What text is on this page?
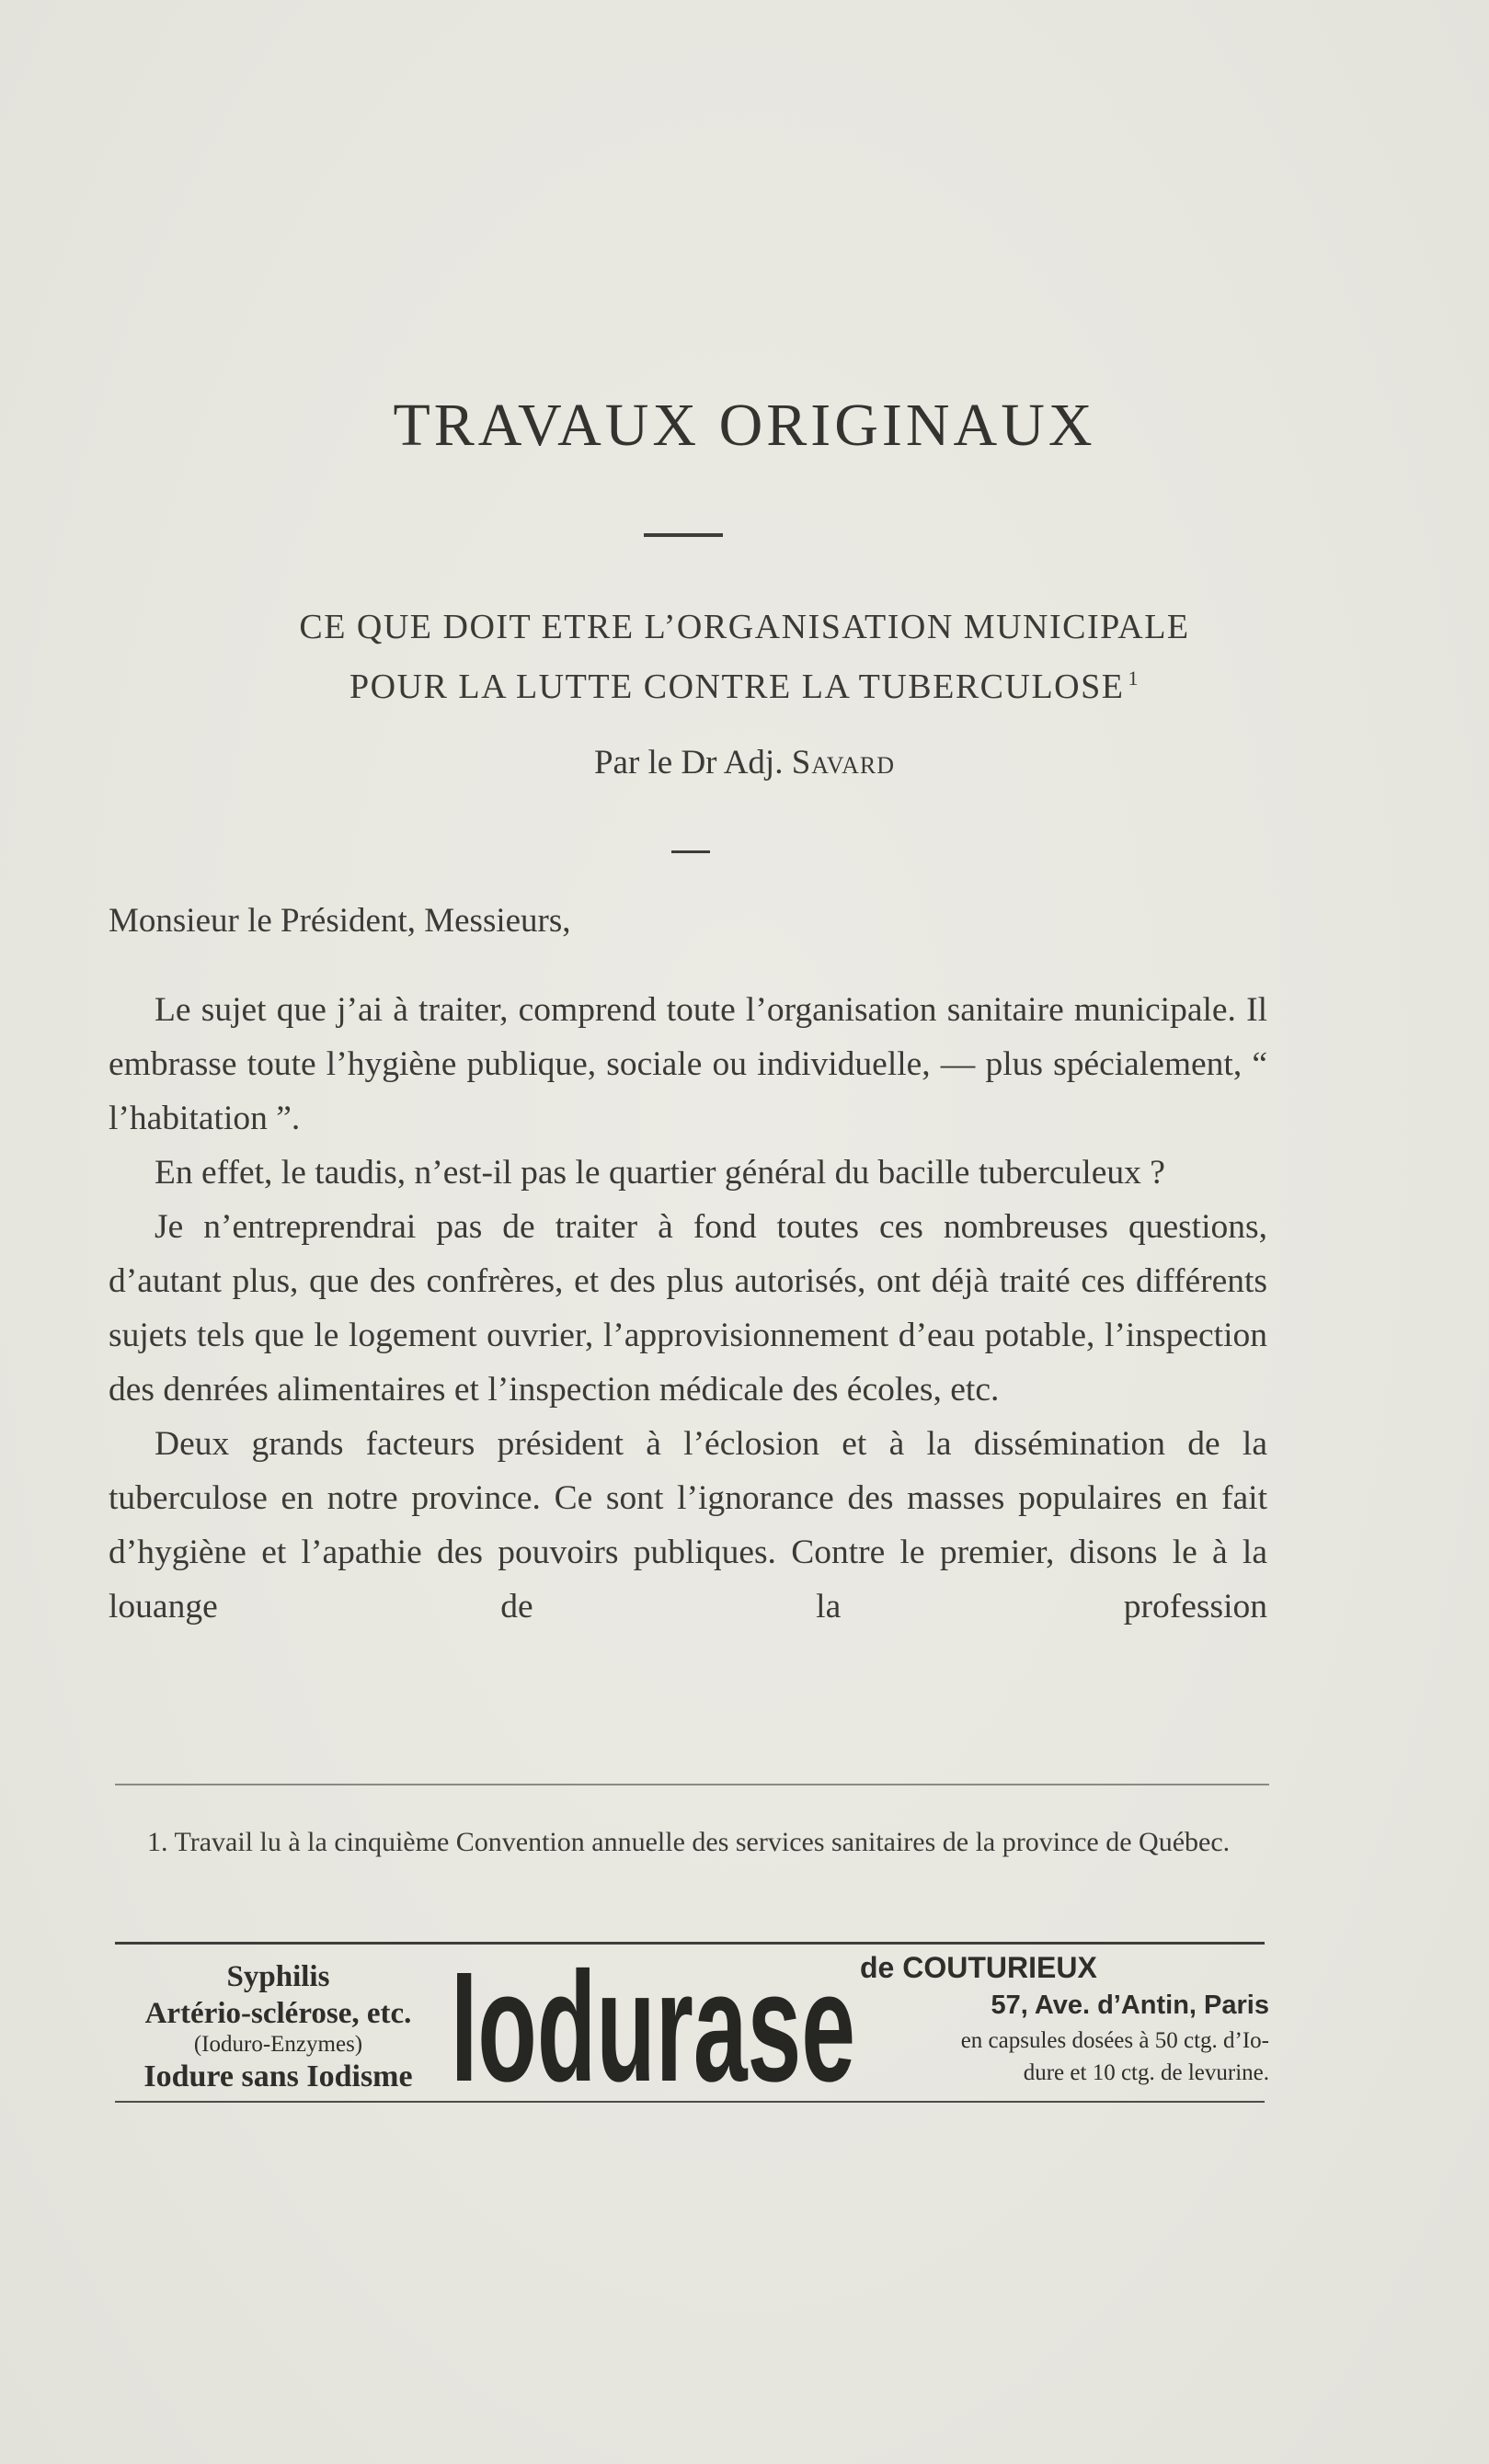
TRAVAUX ORIGINAUX
CE QUE DOIT ETRE L’ORGANISATION MUNICIPALE
POUR LA LUTTE CONTRE LA TUBERCULOSE $^1$
Par le Dr Adj. Savard
Monsieur le Président, Messieurs,

Le sujet que j’ai à traiter, comprend toute l’organisation sanitaire municipale. Il embrasse toute l’hygiène publique, sociale ou individuelle, — plus spécialement, “ l’habitation ”.

En effet, le taudis, n’est-il pas le quartier général du bacille tuberculeux ?

Je n’entreprendrai pas de traiter à fond toutes ces nombreuses questions, d’autant plus, que des confrères, et des plus autorisés, ont déjà traité ces différents sujets tels que le logement ouvrier, l’approvisionnement d’eau potable, l’inspection des denrées alimentaires et l’inspection médicale des écoles, etc.

Deux grands facteurs président à l’éclosion et à la dissémination de la tuberculose en notre province. Ce sont l’ignorance des masses populaires en fait d’hygiène et l’apathie des pouvoirs publiques. Contre le premier, disons le à la louange de la profession

1. Travail lu à la cinquième Convention annuelle des services sanitaires de la province de Québec.
Syphilis
Artério-sclérose, etc.
(Ioduro-Enzymes)
Iodure sans Iodisme Iodurase de COUTURIEUX
57, Ave. d’Antin, Paris
en capsules dosées à 50 ctg. d’Io-
dure et 10 ctg. de levurine.
